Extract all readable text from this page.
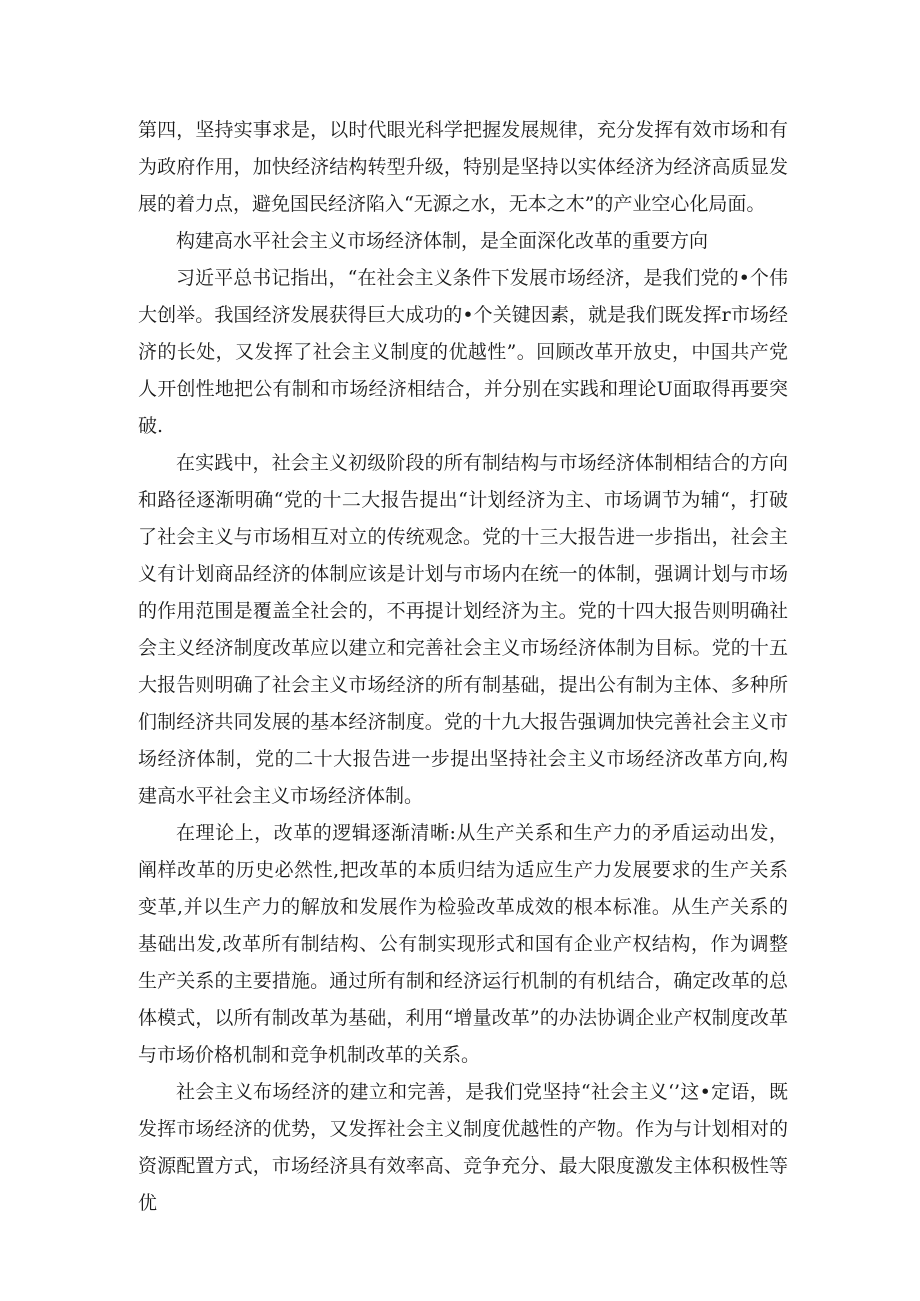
第四，坚持实事求是，以时代眼光科学把握发展规律，充分发挥有效市场和有为政府作用，加快经济结构转型升级，特别是坚持以实体经济为经济高质显发展的着力点，避免国民经济陷入“无源之水，无本之木”的产业空心化局面。

构建高水平社会主义市场经济体制，是全面深化改革的重要方向

习近平总书记指出，“在社会主义条件下发展市场经济，是我们党的•个伟大创举。我国经济发展获得巨大成功的•个关键因素，就是我们既发挥r市场经济的长处，又发挥了社会主义制度的优越性”。回顾改革开放史，中国共产党人开创性地把公有制和市场经济相结合，并分别在实践和理论U面取得再要突破.

在实践中，社会主义初级阶段的所有制结构与市场经济体制相结合的方向和路径逐渐明确“党的十二大报告提出“计划经济为主、市场调节为辅“，打破了社会主义与市场相互对立的传统观念。党的十三大报告进一步指出，社会主义有计划商品经济的体制应该是计划与市场内在统一的体制，强调计划与市场的作用范围是覆盖全社会的，不再提计划经济为主。党的十四大报告则明确社会主义经济制度改革应以建立和完善社会主义市场经济体制为目标。党的十五大报告则明确了社会主义市场经济的所有制基础，提出公有制为主体、多种所们制经济共同发展的基本经济制度。党的十九大报告强调加快完善社会主义市场经济体制，党的二十大报告进一步提出坚持社会主义市场经济改革方向,构建高水平社会主义市场经济体制。

在理论上，改革的逻辑逐渐清晰:从生产关系和生产力的矛盾运动出发，阐样改革的历史必然性,把改革的本质归结为适应生产力发展要求的生产关系变革,并以生产力的解放和发展作为检验改革成效的根本标准。从生产关系的基础出发,改革所有制结构、公有制实现形式和国有企业产权结构，作为调整生产关系的主要措施。通过所有制和经济运行机制的有机结合，确定改革的总体模式，以所有制改革为基础，利用“增量改革”的办法协调企业产权制度改革与市场价格机制和竞争机制改革的关系。

社会主义布场经济的建立和完善，是我们党坚持“社会主义‘’这•定语，既发挥市场经济的优势，又发挥社会主义制度优越性的产物。作为与计划相对的资源配置方式，市场经济具有效率高、竞争充分、最大限度激发主体积极性等优
